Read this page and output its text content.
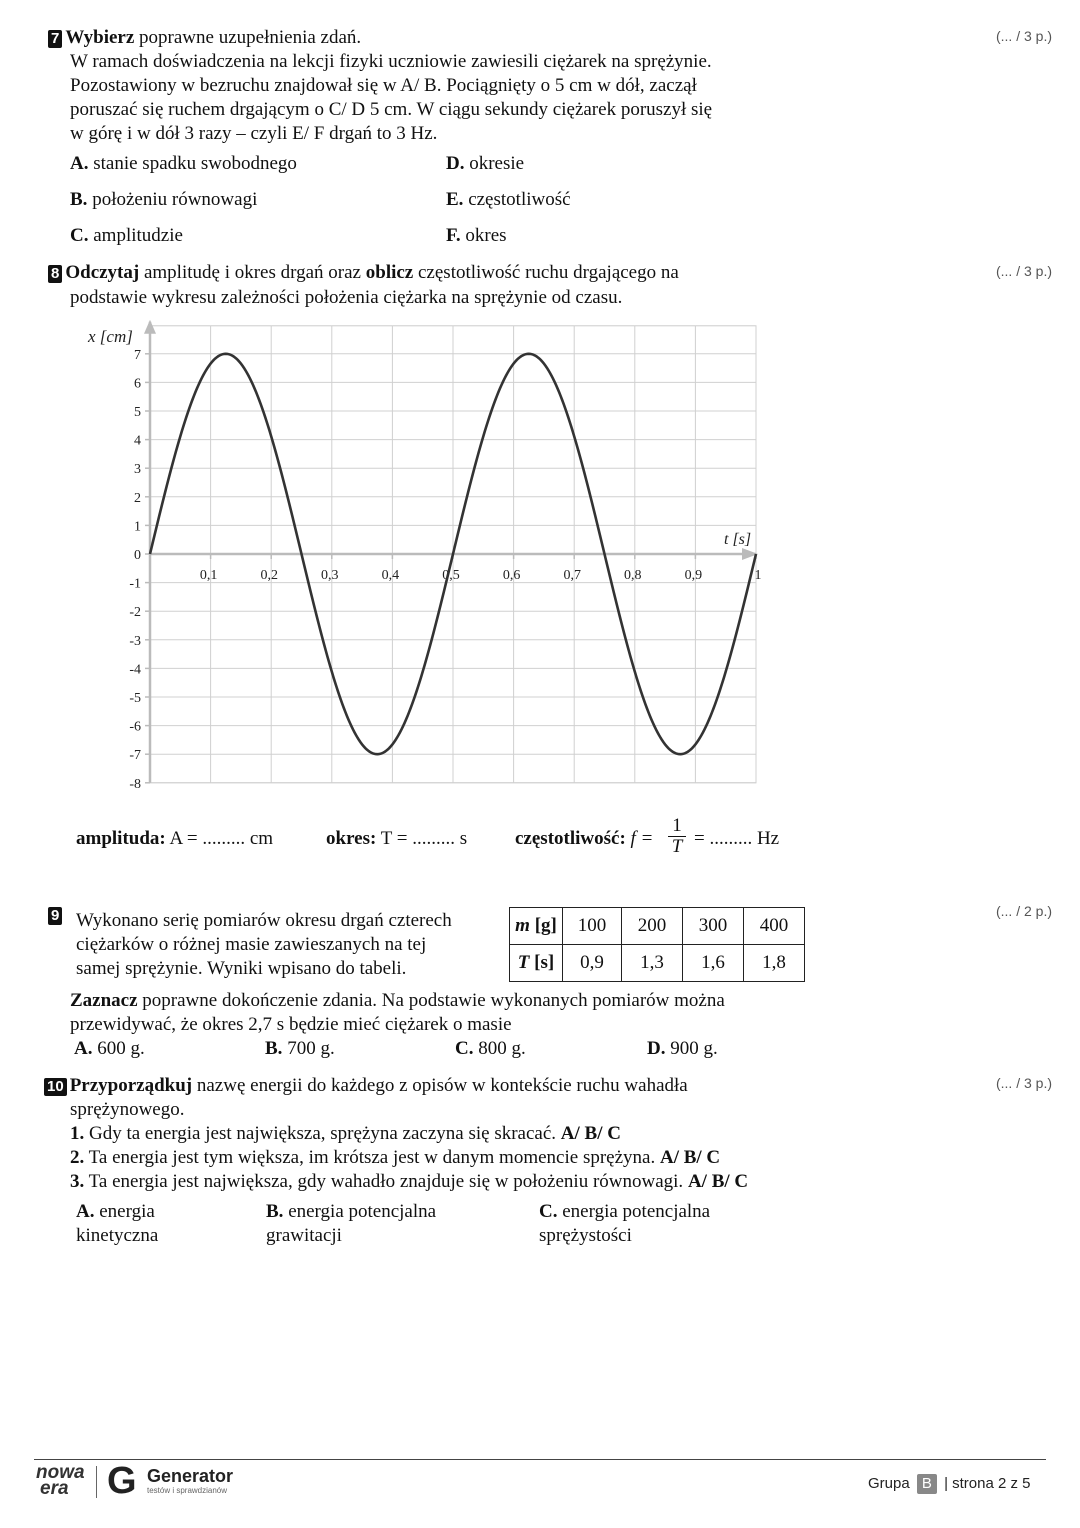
7 Wybierz poprawne uzupełnienia zdań.	(... / 3 p.)
W ramach doświadczenia na lekcji fizyki uczniowie zawiesili ciężarek na sprężynie.
Pozostawiony w bezruchu znajdował się w A/ B. Pociągnięty o 5 cm w dół, zaczął
poruszać się ruchem drgającym o C/ D 5 cm. W ciągu sekundy ciężarek poruszył się
w górę i w dół 3 razy – czyli E/ F drgań to 3 Hz.
A. stanie spadku swobodnego
B. położeniu równowagi
C. amplitudzie
D. okresie
E. częstotliwość
F. okres
8 Odczytaj amplitudę i okres drgań oraz oblicz częstotliwość ruchu drgającego na	(... / 3 p.)
podstawie wykresu zależności położenia ciężarka na sprężynie od czasu.
7
6
5
4
3
2
1
0
-1
-2
-3
-4
-5
-6
-7
-8
0,1	0,2	0,3	0,4	0,5	0,6	0,7	0,8	0,9	1
x [cm]
t [s]
amplituda: A = ......... cm	okres: T = ......... s	częstotliwość: f =
1
T = ......... Hz
9	(... / 2 p.)
Wykonano serię pomiarów okresu drgań czterech
ciężarków o różnej masie zawieszanych na tej
samej sprężynie. Wyniki wpisano do tabeli.
m [g]	100	200	300	400
T [s]	0,9	1,3	1,6	1,8
Zaznacz poprawne dokończenie zdania. Na podstawie wykonanych pomiarów można
przewidywać, że okres 2,7 s będzie mieć ciężarek o masie
A. 600 g.	B. 700 g.	C. 800 g.	D. 900 g.
10 Przyporządkuj nazwę energii do każdego z opisów w kontekście ruchu wahadła	(... / 3 p.)
sprężynowego.
1. Gdy ta energia jest największa, sprężyna zaczyna się skracać. A/ B/ C
2. Ta energia jest tym większa, im krótsza jest w danym momencie sprężyna. A/ B/ C
3. Ta energia jest największa, gdy wahadło znajduje się w położeniu równowagi. A/ B/ C
A. energia
kinetyczna
B. energia potencjalna
grawitacji
C. energia potencjalna
sprężystości
nowa
era	G Generator
testów i sprawdzianów	Grupa B | strona 2 z 5
